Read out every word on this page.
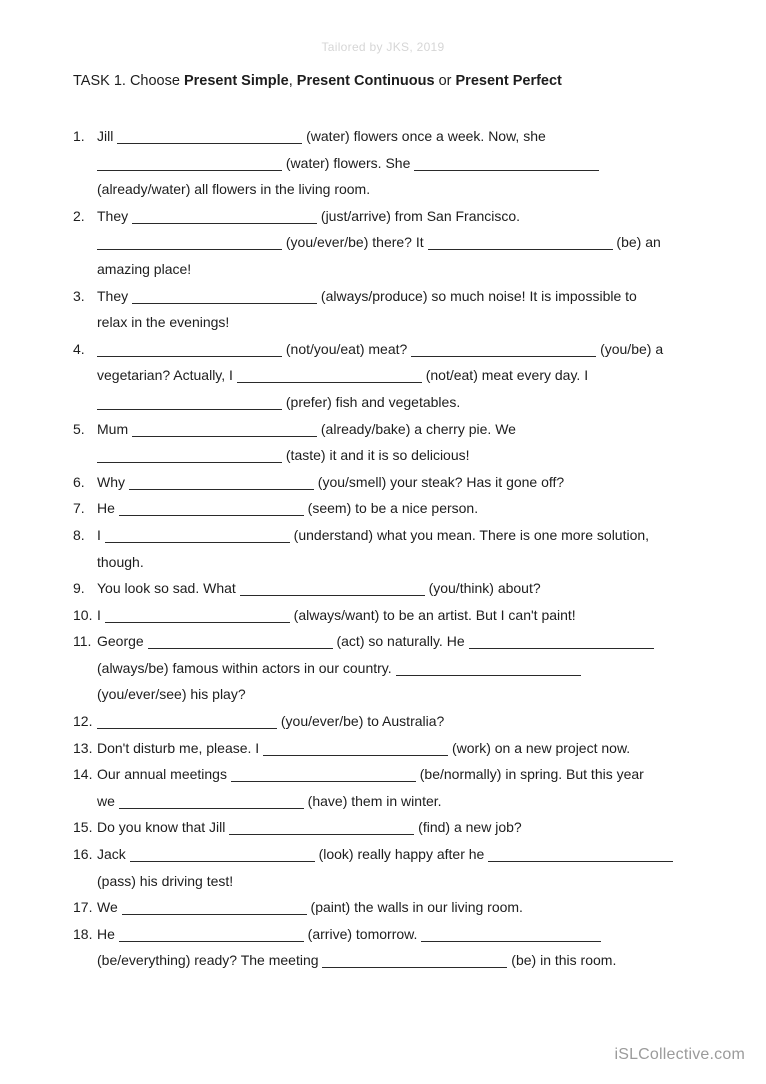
Tailored by JKS, 2019
TASK 1. Choose Present Simple, Present Continuous or Present Perfect
1. Jill	(water) flowers once a week. Now, she
(water) flowers. She
(already/water) all flowers in the living room.
2. They	(just/arrive) from San Francisco.
(you/ever/be) there? It	(be) an
amazing place!
3. They	(always/produce) so much noise! It is impossible to
relax in the evenings!
4.	(not/you/eat) meat?	(you/be) a
vegetarian? Actually, I	(not/eat) meat every day. I
(prefer) fish and vegetables.
5. Mum	(already/bake) a cherry pie. We
(taste) it and it is so delicious!
6. Why	(you/smell) your steak? Has it gone off?
7. He	(seem) to be a nice person.
8. I	(understand) what you mean. There is one more solution,
though.
9. You look so sad. What	(you/think) about?
10. I	(always/want) to be an artist. But I can't paint!
11. George	(act) so naturally. He
(always/be) famous within actors in our country.
(you/ever/see) his play?
12.	(you/ever/be) to Australia?
13. Don't disturb me, please. I	(work) on a new project now.
14. Our annual meetings	(be/normally) in spring. But this year
we	(have) them in winter.
15. Do you know that Jill	(find) a new job?
16. Jack	(look) really happy after he
(pass) his driving test!
17. We	(paint) the walls in our living room.
18. He	(arrive) tomorrow.
(be/everything) ready? The meeting	(be) in this room.
iSLCollective.com
